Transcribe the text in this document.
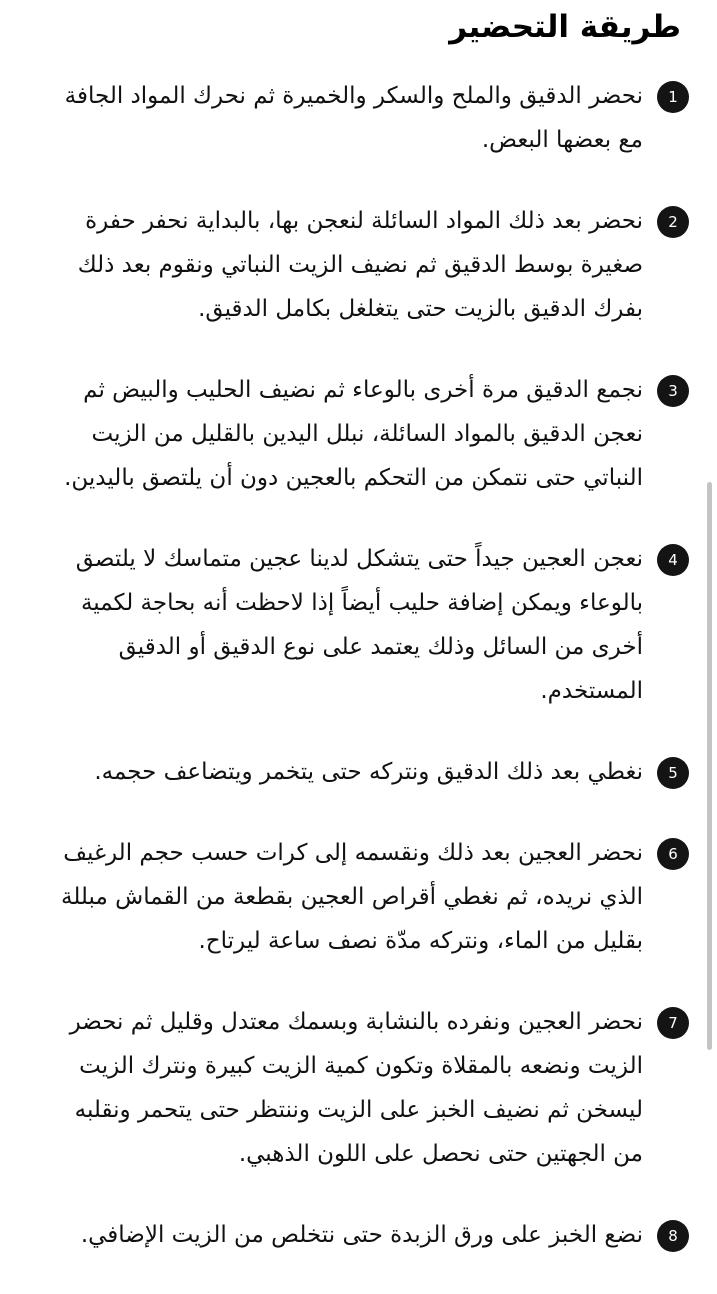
طريقة التحضير
1
نحضر الدقيق والملح والسكر والخميرة ثم نحرك المواد الجافة مع بعضها البعض.
2
نحضر بعد ذلك المواد السائلة لنعجن بها، بالبداية نحفر حفرة صغيرة بوسط الدقيق ثم نضيف الزيت النباتي ونقوم بعد ذلك بفرك الدقيق بالزيت حتى يتغلغل بكامل الدقيق.
3
نجمع الدقيق مرة أخرى بالوعاء ثم نضيف الحليب والبيض ثم نعجن الدقيق بالمواد السائلة، نبلل اليدين بالقليل من الزيت النباتي حتى نتمكن من التحكم بالعجين دون أن يلتصق باليدين.
4
نعجن العجين جيداً حتى يتشكل لدينا عجين متماسك لا يلتصق بالوعاء ويمكن إضافة حليب أيضاً إذا لاحظت أنه بحاجة لكمية أخرى من السائل وذلك يعتمد على نوع الدقيق أو الدقيق المستخدم.
5
نغطي بعد ذلك الدقيق ونتركه حتى يتخمر ويتضاعف حجمه.
6
نحضر العجين بعد ذلك ونقسمه إلى كرات حسب حجم الرغيف الذي نريده، ثم نغطي أقراص العجين بقطعة من القماش مبللة بقليل من الماء، ونتركه مدّة نصف ساعة ليرتاح.
7
نحضر العجين ونفرده بالنشابة وبسمك معتدل وقليل ثم نحضر الزيت ونضعه بالمقلاة وتكون كمية الزيت كبيرة ونترك الزيت ليسخن ثم نضيف الخبز على الزيت وننتظر حتى يتحمر ونقلبه من الجهتين حتى نحصل على اللون الذهبي.
8
نضع الخبز على ورق الزبدة حتى نتخلص من الزيت الإضافي.
